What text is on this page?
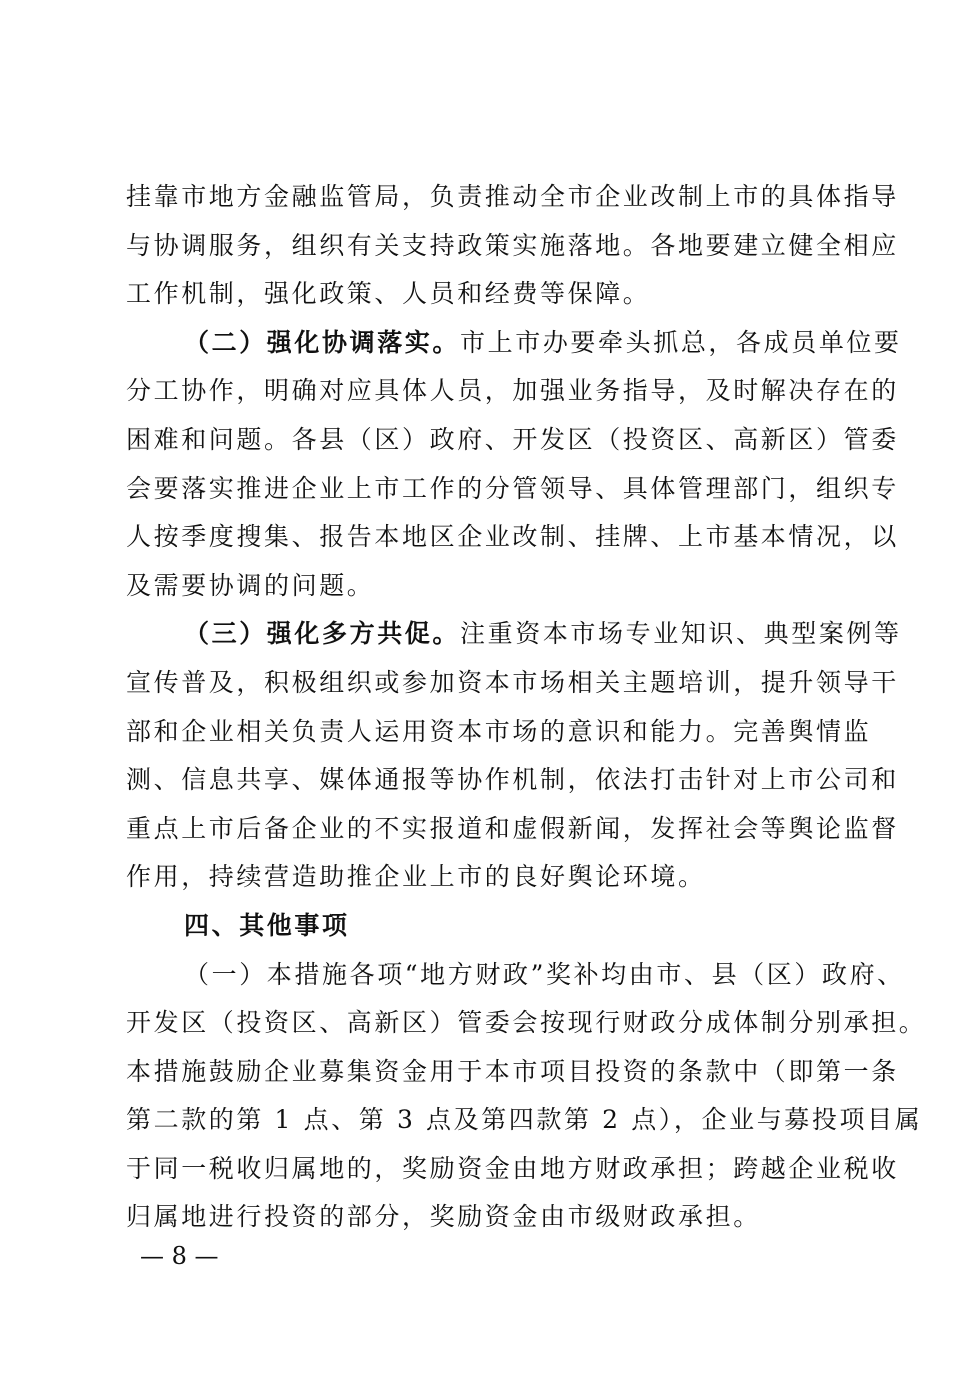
挂靠市地方金融监管局，负责推动全市企业改制上市的具体指导
与协调服务，组织有关支持政策实施落地。各地要建立健全相应
工作机制，强化政策、人员和经费等保障。
（二）强化协调落实。市上市办要牵头抓总，各成员单位要
分工协作，明确对应具体人员，加强业务指导，及时解决存在的
困难和问题。各县（区）政府、开发区（投资区、高新区）管委
会要落实推进企业上市工作的分管领导、具体管理部门，组织专
人按季度搜集、报告本地区企业改制、挂牌、上市基本情况，以
及需要协调的问题。
（三）强化多方共促。注重资本市场专业知识、典型案例等
宣传普及，积极组织或参加资本市场相关主题培训，提升领导干
部和企业相关负责人运用资本市场的意识和能力。完善舆情监
测、信息共享、媒体通报等协作机制，依法打击针对上市公司和
重点上市后备企业的不实报道和虚假新闻，发挥社会等舆论监督
作用，持续营造助推企业上市的良好舆论环境。
四、其他事项
（一）本措施各项“地方财政”奖补均由市、县（区）政府、
开发区（投资区、高新区）管委会按现行财政分成体制分别承担。
本措施鼓励企业募集资金用于本市项目投资的条款中（即第一条
第二款的第 1 点、第 3 点及第四款第 2 点），企业与募投项目属
于同一税收归属地的，奖励资金由地方财政承担；跨越企业税收
归属地进行投资的部分，奖励资金由市级财政承担。
— 8 —
